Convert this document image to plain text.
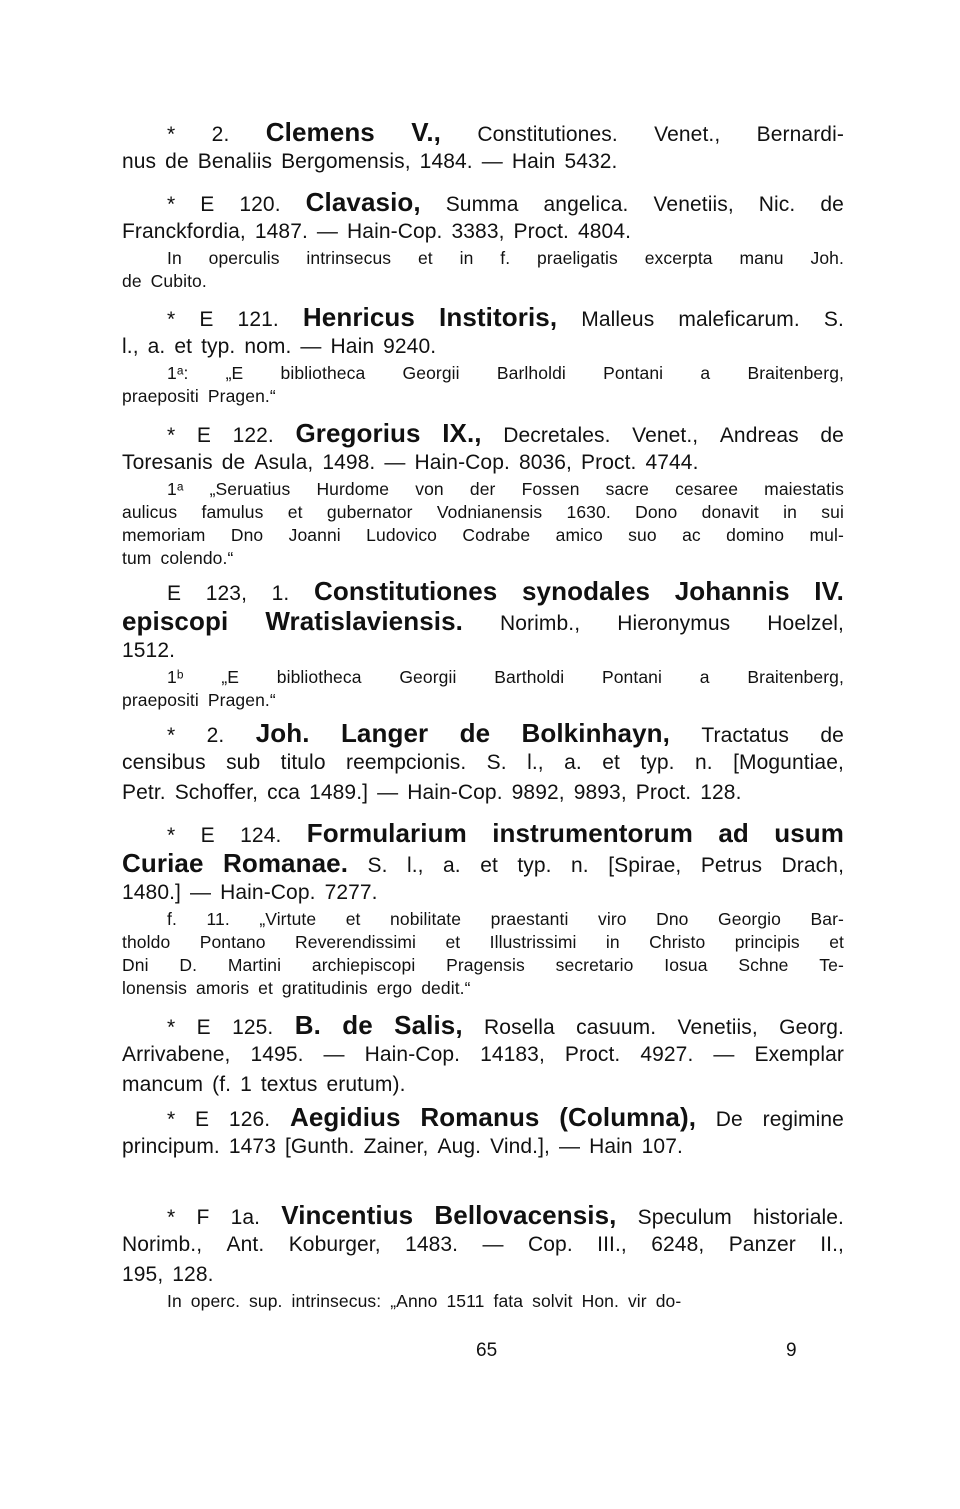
* 2. Clemens V., Constitutiones. Venet., Bernardi-
nus de Benaliis Bergomensis, 1484. — Hain 5432.
* E 120. Clavasio, Summa angelica. Venetiis, Nic. de
Franckfordia, 1487. — Hain-Cop. 3383, Proct. 4804.
In operculis intrinsecus et in f. praeligatis excerpta manu Joh.
de Cubito.
* E 121. Henricus Institoris, Malleus maleficarum. S.
l., a. et typ. nom. — Hain 9240.
1ᵃ: „E bibliotheca Georgii Barlholdi Pontani a Braitenberg,
praepositi Pragen.“
* E 122. Gregorius IX., Decretales. Venet., Andreas de
Toresanis de Asula, 1498. — Hain-Cop. 8036, Proct. 4744.
1ᵃ „Seruatius Hurdome von der Fossen sacre cesaree maiestatis
aulicus famulus et gubernator Vodnianensis 1630. Dono donavit in sui
memoriam Dno Joanni Ludovico Codrabe amico suo ac domino mul-
tum colendo.“
E 123, 1. Constitutiones synodales Johannis IV.
episcopi Wratislaviensis. Norimb., Hieronymus Hoelzel,
1512.
1ᵇ „E bibliotheca Georgii Bartholdi Pontani a Braitenberg,
praepositi Pragen.“
* 2. Joh. Langer de Bolkinhayn, Tractatus de
censibus sub titulo reempcionis. S. l., a. et typ. n. [Moguntiae,
Petr. Schoffer, cca 1489.] — Hain-Cop. 9892, 9893, Proct. 128.
* E 124. Formularium instrumentorum ad usum
Curiae Romanae. S. l., a. et typ. n. [Spirae, Petrus Drach,
1480.] — Hain-Cop. 7277.
f. 11. „Virtute et nobilitate praestanti viro Dno Georgio Bar-
tholdo Pontano Reverendissimi et Illustrissimi in Christo principis et
Dni D. Martini archiepiscopi Pragensis secretario Iosua Schne Te-
lonensis amoris et gratitudinis ergo dedit.“
* E 125. B. de Salis, Rosella casuum. Venetiis, Georg.
Arrivabene, 1495. — Hain-Cop. 14183, Proct. 4927. — Exemplar
mancum (f. 1 textus erutum).
* E 126. Aegidius Romanus (Columna), De regimine
principum. 1473 [Gunth. Zainer, Aug. Vind.], — Hain 107.
* F 1a. Vincentius Bellovacensis, Speculum historiale.
Norimb., Ant. Koburger, 1483. — Cop. III., 6248, Panzer II.,
195, 128.
In operc. sup. intrinsecus: „Anno 1511 fata solvit Hon. vir do-
65	9
